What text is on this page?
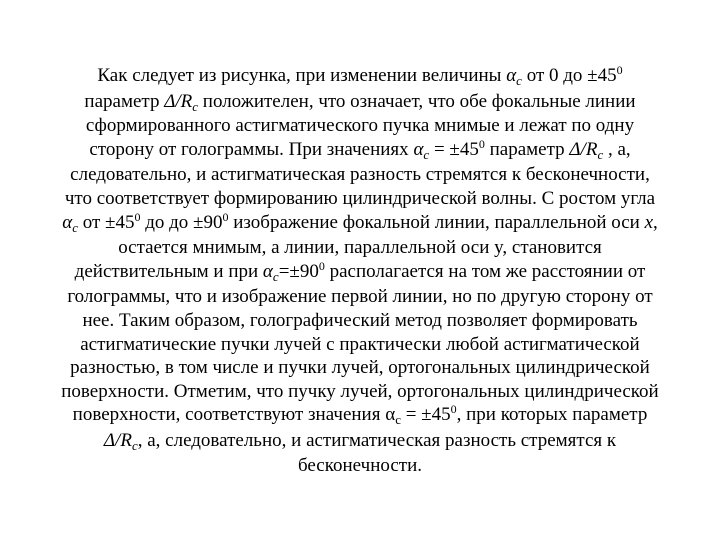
Как следует из рисунка, при изменении величины $\alpha_с$ от 0 до $\pm 45^0$
параметр $\Delta/R_с$ положителен, что означает, что обе фокальные линии
сформированного астигматического пучка мнимые и лежат по одну
сторону от голограммы. При значениях $\alpha_с = \pm 45^0$ параметр $\Delta/R_с$ , а,
следовательно, и астигматическая разность стремятся к бесконечности,
что соответствует формированию цилиндрической волны. С ростом угла
$\alpha_с$ от $\pm 45^0$ до до $\pm 90^0$ изображение фокальной линии, параллельной оси x,
остается мнимым, а линии, параллельной оси y, становится
действительным и при $\alpha_с=\pm 90^0$ располагается на том же расстоянии от
голограммы, что и изображение первой линии, но по другую сторону от
нее. Таким образом, голографический метод позволяет формировать
астигматические пучки лучей с практически любой астигматической
разностью, в том числе и пучки лучей, ортогональных цилиндрической
поверхности. Отметим, что пучку лучей, ортогональных цилиндрической
поверхности, соответствуют значения $\alpha_с = \pm 45^0$, при которых параметр
$\Delta/R_с$, а, следовательно, и астигматическая разность стремятся к
бесконечности.
